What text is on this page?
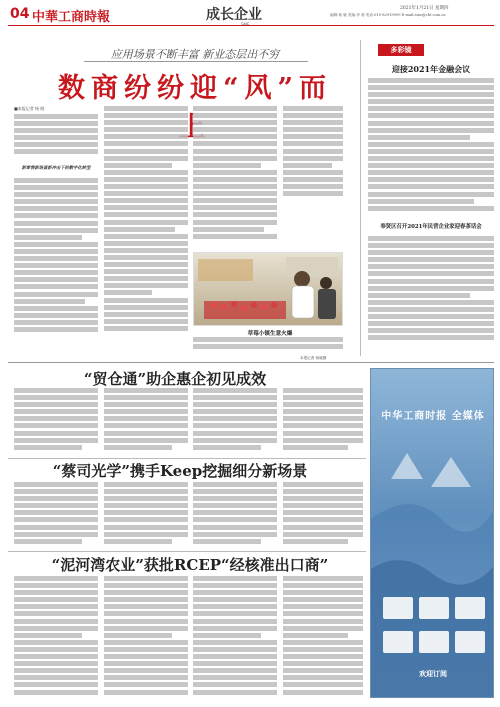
04 中華工商時報	成长企业	2021年1月21日 星期四
编辑:杨 晓 美编:李 莉 电话:010-82919999 E-mail:sme@cbt.com.cn
应用场景不断丰富 新业态层出不穷
数商纷纷迎“风”而
■本报记者 杨 晓
新零售新场景新冲击下的数字化转型
草莓小镇生意火爆
本报记者 杨晓摄
多彩镜
迎接2021年金融会议
奉贤区召开2021年民营企业家迎春茶话会
“贸仓通”助企惠企初见成效
“蔡司光学”携手Keep挖掘细分新场景
“泥河湾农业”获批RCEP“经核准出口商”
中华工商时报 全媒体
欢迎订阅
